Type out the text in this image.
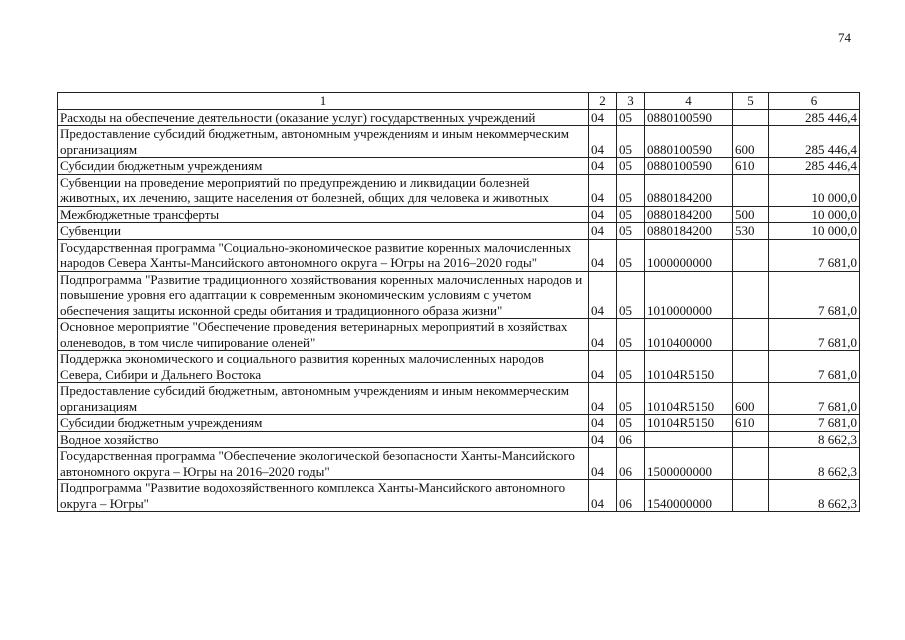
74
1	2	3	4	5	6
Расходы на обеспечение деятельности (оказание услуг) государственных учреждений	04	05	0880100590		285 446,4
Предоставление субсидий бюджетным, автономным учреждениям и иным некоммерческим организациям	04	05	0880100590	600	285 446,4
Субсидии бюджетным учреждениям	04	05	0880100590	610	285 446,4
Субвенции на проведение мероприятий по предупреждению и ликвидации болезней животных, их лечению, защите населения от болезней, общих для человека и животных	04	05	0880184200		10 000,0
Межбюджетные трансферты	04	05	0880184200	500	10 000,0
Субвенции	04	05	0880184200	530	10 000,0
Государственная программа "Социально-экономическое развитие коренных малочисленных народов Севера Ханты-Мансийского автономного округа – Югры на 2016–2020 годы"	04	05	1000000000		7 681,0
Подпрограмма "Развитие традиционного хозяйствования коренных малочисленных народов и повышение уровня его адаптации к современным экономическим условиям с учетом обеспечения защиты исконной среды обитания и традиционного образа жизни"	04	05	1010000000		7 681,0
Основное мероприятие "Обеспечение проведения ветеринарных мероприятий в хозяйствах оленеводов, в том числе чипирование оленей"	04	05	1010400000		7 681,0
Поддержка экономического и социального развития коренных малочисленных народов Севера, Сибири и Дальнего Востока	04	05	10104R5150		7 681,0
Предоставление субсидий бюджетным, автономным учреждениям и иным некоммерческим организациям	04	05	10104R5150	600	7 681,0
Субсидии бюджетным учреждениям	04	05	10104R5150	610	7 681,0
Водное хозяйство	04	06			8 662,3
Государственная программа "Обеспечение экологической безопасности Ханты-Мансийского автономного округа – Югры на 2016–2020 годы"	04	06	1500000000		8 662,3
Подпрограмма "Развитие водохозяйственного комплекса Ханты-Мансийского автономного округа – Югры"	04	06	1540000000		8 662,3
